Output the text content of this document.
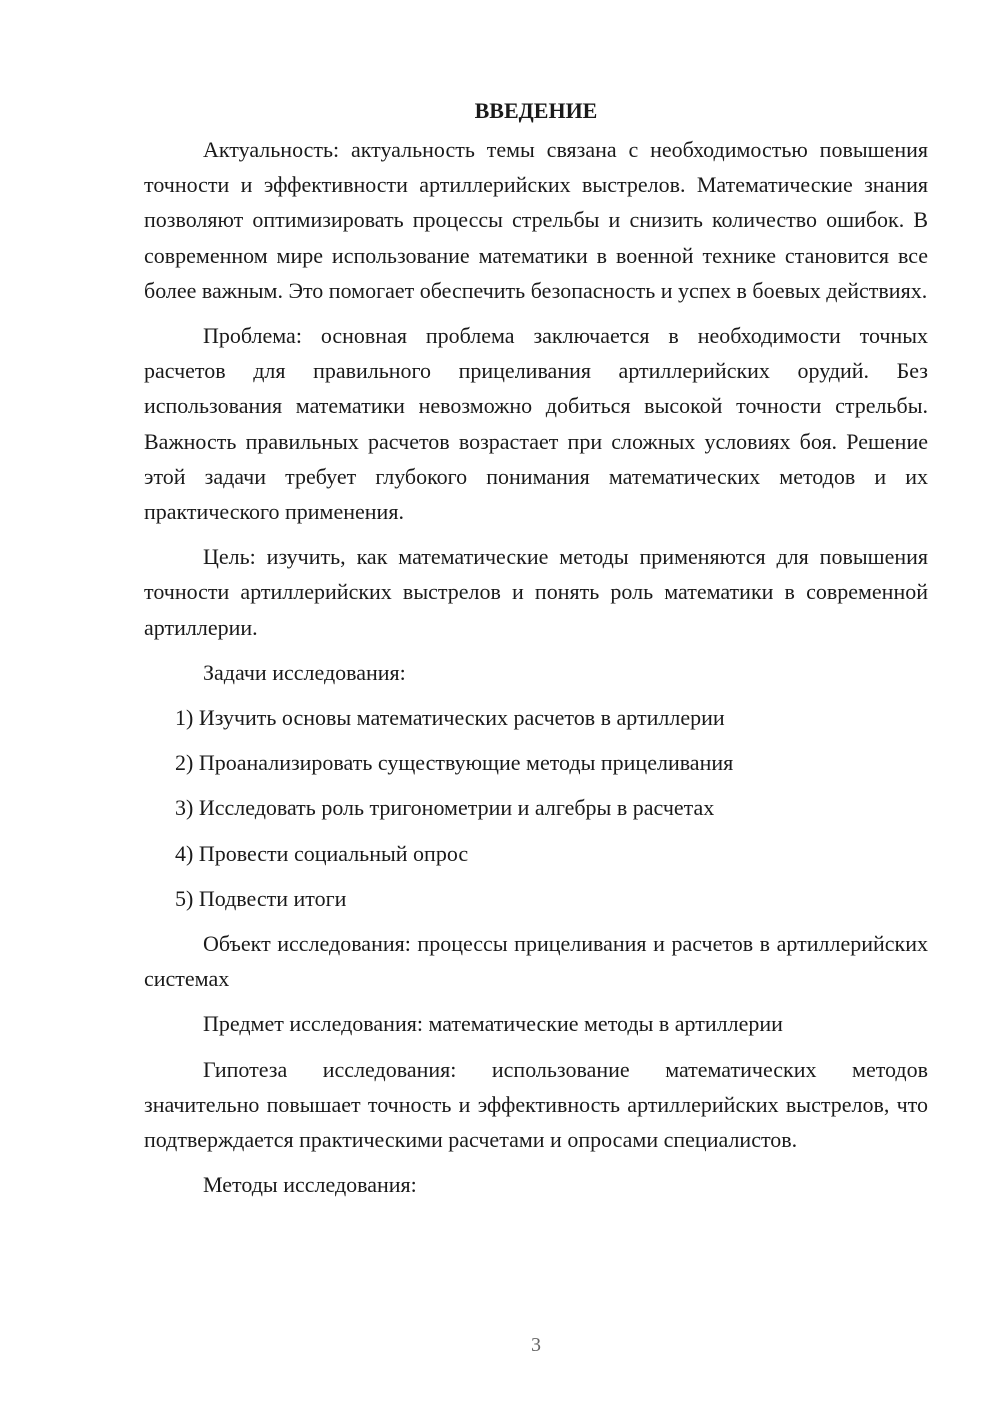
ВВЕДЕНИЕ

Актуальность: актуальность темы связана с необходимостью повышения точности и эффективности артиллерийских выстрелов. Математические знания позволяют оптимизировать процессы стрельбы и снизить количество ошибок. В современном мире использование математики в военной технике становится все более важным. Это помогает обеспечить безопасность и успех в боевых действиях.

Проблема: основная проблема заключается в необходимости точных расчетов для правильного прицеливания артиллерийских орудий. Без использования математики невозможно добиться высокой точности стрельбы. Важность правильных расчетов возрастает при сложных условиях боя. Решение этой задачи требует глубокого понимания математических методов и их практического применения.

Цель: изучить, как математические методы применяются для повышения точности артиллерийских выстрелов и понять роль математики в современной артиллерии.

Задачи исследования:

1) Изучить основы математических расчетов в артиллерии
2) Проанализировать существующие методы прицеливания
3) Исследовать роль тригонометрии и алгебры в расчетах
4) Провести социальный опрос
5) Подвести итоги

Объект исследования: процессы прицеливания и расчетов в артиллерийских системах

Предмет исследования: математические методы в артиллерии

Гипотеза исследования: использование математических методов значительно повышает точность и эффективность артиллерийских выстрелов, что подтверждается практическими расчетами и опросами специалистов.

Методы исследования:

3
